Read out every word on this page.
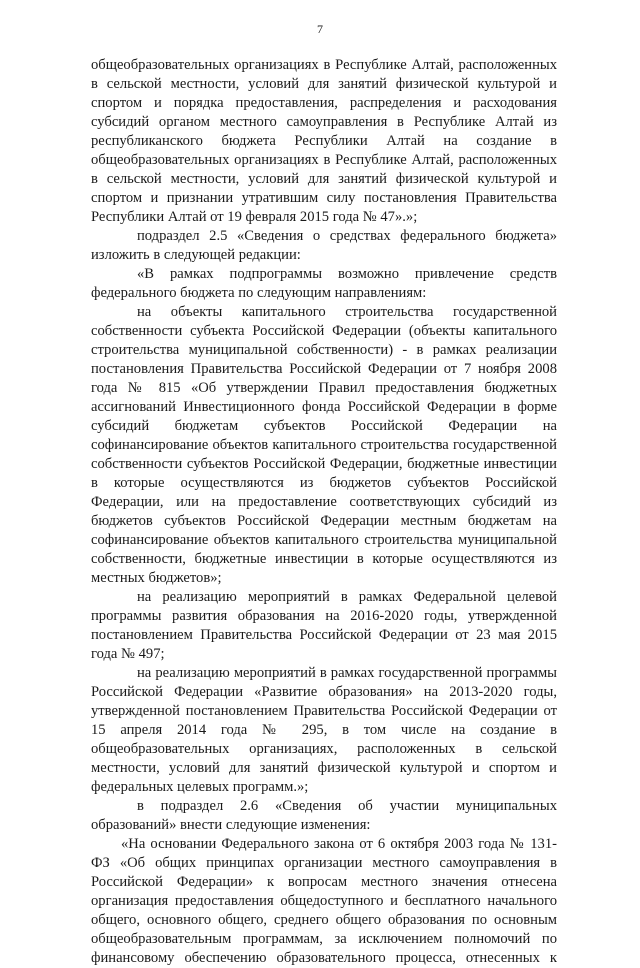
7

общеобразовательных организациях в Республике Алтай, расположенных в сельской местности, условий для занятий физической культурой и спортом и порядка предоставления, распределения и расходования субсидий органом местного самоуправления в Республике Алтай из республиканского бюджета Республики Алтай на создание в общеобразовательных организациях в Республике Алтай, расположенных в сельской местности, условий для занятий физической культурой и спортом и признании утратившим силу постановления Правительства Республики Алтай от 19 февраля 2015 года № 47».»;

подраздел 2.5 «Сведения о средствах федерального бюджета» изложить в следующей редакции:

«В рамках подпрограммы возможно привлечение средств федерального бюджета по следующим направлениям:

на объекты капитального строительства государственной собственности субъекта Российской Федерации (объекты капитального строительства муниципальной собственности) - в рамках реализации постановления Правительства Российской Федерации от 7 ноября 2008 года № 815 «Об утверждении Правил предоставления бюджетных ассигнований Инвестиционного фонда Российской Федерации в форме субсидий бюджетам субъектов Российской Федерации на софинансирование объектов капитального строительства государственной собственности субъектов Российской Федерации, бюджетные инвестиции в которые осуществляются из бюджетов субъектов Российской Федерации, или на предоставление соответствующих субсидий из бюджетов субъектов Российской Федерации местным бюджетам на софинансирование объектов капитального строительства муниципальной собственности, бюджетные инвестиции в которые осуществляются из местных бюджетов»;

на реализацию мероприятий в рамках Федеральной целевой программы развития образования на 2016-2020 годы, утвержденной постановлением Правительства Российской Федерации от 23 мая 2015 года № 497;

на реализацию мероприятий в рамках государственной программы Российской Федерации «Развитие образования» на 2013-2020 годы, утвержденной постановлением Правительства Российской Федерации от 15 апреля 2014 года № 295, в том числе на создание в общеобразовательных организациях, расположенных в сельской местности, условий для занятий физической культурой и спортом и федеральных целевых программ.»;

в подраздел 2.6 «Сведения об участии муниципальных образований» внести следующие изменения:

«На основании Федерального закона от 6 октября 2003 года № 131-ФЗ «Об общих принципах организации местного самоуправления в Российской Федерации» к вопросам местного значения отнесена организация предоставления общедоступного и бесплатного начального общего, основного общего, среднего общего образования по основным общеобразовательным программам, за исключением полномочий по финансовому обеспечению образовательного процесса, отнесенных к
